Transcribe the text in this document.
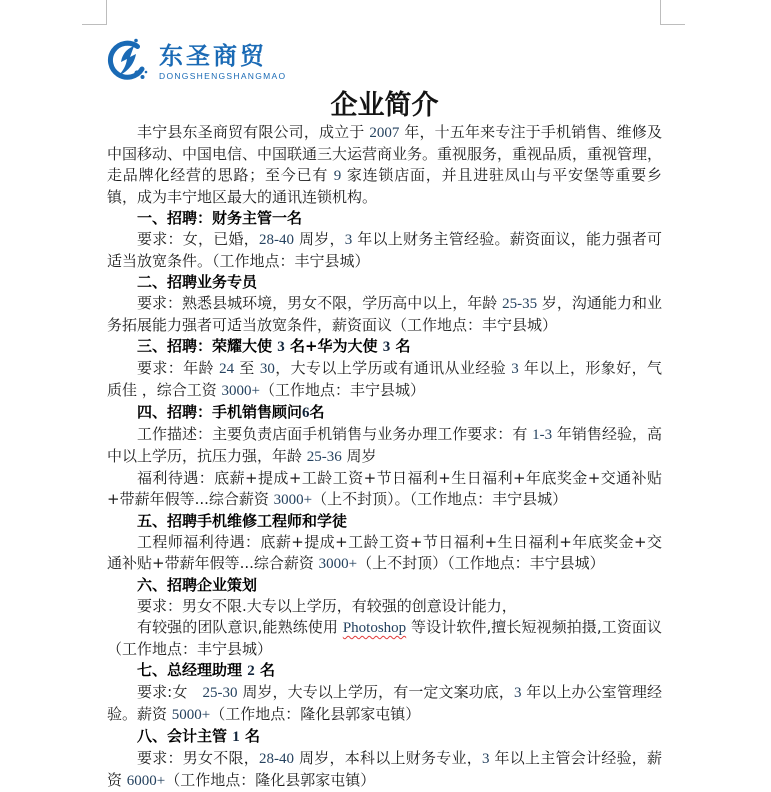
东圣商贸
DONGSHENGSHANGMAO
企业简介

丰宁县东圣商贸有限公司，成立于 2007 年，十五年来专注于手机销售、维修及中国移动、中国电信、中国联通三大运营商业务。重视服务，重视品质，重视管理，走品牌化经营的思路；至今已有 9 家连锁店面，并且进驻凤山与平安堡等重要乡镇，成为丰宁地区最大的通讯连锁机构。

一、招聘：财务主管一名

要求：女，已婚，28-40 周岁，3 年以上财务主管经验。薪资面议，能力强者可适当放宽条件。（工作地点：丰宁县城）

二、招聘业务专员

要求：熟悉县城环境，男女不限，学历高中以上，年龄 25-35 岁，沟通能力和业务拓展能力强者可适当放宽条件，薪资面议（工作地点：丰宁县城）

三、招聘：荣耀大使 3 名+华为大使 3 名

要求：年龄 24 至 30，大专以上学历或有通讯从业经验 3 年以上，形象好，气质佳 ，综合工资 3000+（工作地点：丰宁县城）

四、招聘：手机销售顾问6名

工作描述：主要负责店面手机销售与业务办理工作要求：有 1-3 年销售经验，高中以上学历，抗压力强，年龄 25-36 周岁

福利待遇：底薪+提成+工龄工资+节日福利+生日福利+年底奖金+交通补贴+带薪年假等...综合薪资 3000+（上不封顶）。（工作地点：丰宁县城）

五、招聘手机维修工程师和学徒

工程师福利待遇：底薪+提成+工龄工资+节日福利+生日福利+年底奖金+交通补贴+带薪年假等...综合薪资 3000+（上不封顶）（工作地点：丰宁县城）

六、招聘企业策划

要求：男女不限.大专以上学历，有较强的创意设计能力，

有较强的团队意识,能熟练使用 Photoshop 等设计软件,擅长短视频拍摄,工资面议（工作地点：丰宁县城）

七、总经理助理 2 名

要求:女　25-30 周岁，大专以上学历，有一定文案功底，3 年以上办公室管理经验。薪资 5000+（工作地点：隆化县郭家屯镇）

八、会计主管 1 名

要求：男女不限，28-40 周岁，本科以上财务专业，3 年以上主管会计经验，薪资 6000+（工作地点：隆化县郭家屯镇）
